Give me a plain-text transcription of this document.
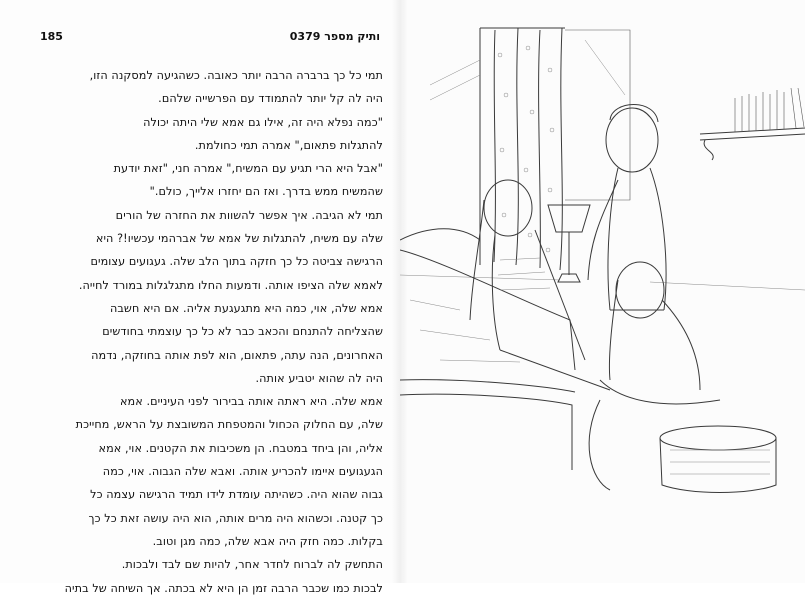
185	ותיק מספר 0379
תמי כל כך ברברה הרבה יותר כאובה. כשהגיעה למסקנה הזו,
היה לה קל יותר להתמודד עם הפרשייה שלהם.
"כמה נפלא היה זה, אילו גם אמא שלי היתה יכולה
להתגלות פתאום," אמרה תמי כחולמת.
"אבל היא הרי תגיע עם המשיח," אמרה חני, "זאת יודעת
שהמשיח ממש בדרך. ואז הם יחזרו אלייך, כולם."
תמי לא הגיבה. איך אפשר להשוות את החזרה של הורים
שלה עם משיח, להתגלות של אמא של אברהמי עכשיו!? היא
הרגישה צביטה כל כך חזקה בתוך הלב שלה. געגועים עצומים
לאמא שלה הציפו אותה. ודמעות החלו מתגלגלות במורד לחייה.
אמא שלה, אוי, כמה היא מתגעגעת אליה. אם היא חשבה
שהצליחה להתנחם והכאב כבר לא כל כך עוצמתי בחודשים
האחרונים, הנה עתה, פתאום, הוא לפת אותה בחוזקה, נדמה
היה לה שהוא יטביע אותה.
אמא שלה. היא ראתה אותה בבירור לפני העיניים. אמא
שלה, עם החלוק הכחול והמטפחת המשובצת על הראש, מחייכת
אליה, והן ביחד במטבח. הן משכיבות את הקטנים. אוי, אמא
הגעגועים איימו להכריע אותה. ואבא שלה הגבוה. אוי, כמה
גבוה שהוא היה. כשהיתה עומדת לידו תמיד הרגישה עצמה כל
כך קטנה. וכשהוא היה מרים אותה, הוא היה עושה זאת כל כך
בקלות. כמה חזק היה אבא שלה, כמה מגן וטוב.
התחשק לה לברוח לחדר אחר, להיות שם לבד ולבכות.
לבכות כמו שכבר הרבה זמן הן היא לא בכתה. אך השיחה של בתיה
